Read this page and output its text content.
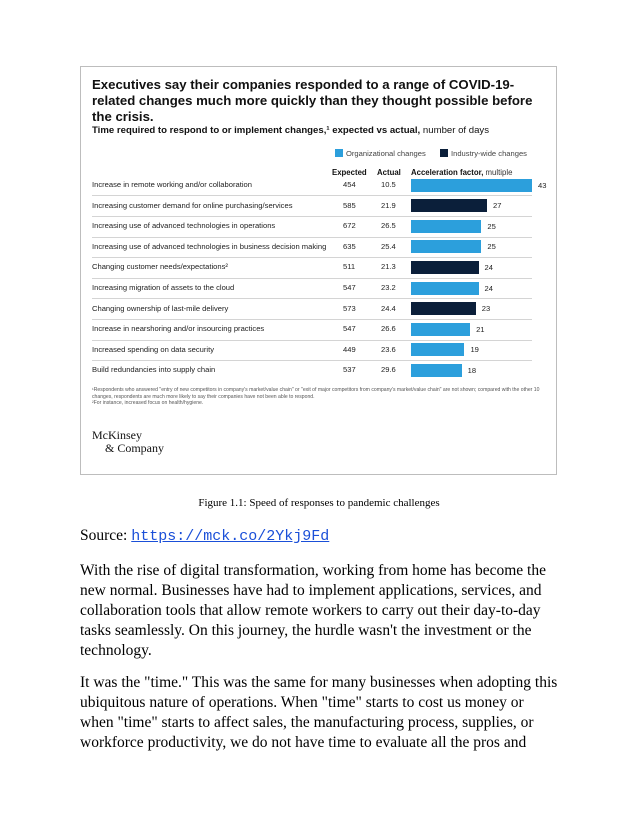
Executives say their companies responded to a range of COVID-19-related changes much more quickly than they thought possible before the crisis.
Time required to respond to or implement changes,¹ expected vs actual, number of days
Organizational changes	Industry-wide changes
Expected Actual Acceleration factor, multiple
Increase in remote working and/or collaboration	454	10.5	43
Increasing customer demand for online purchasing/services	585	21.9	27
Increasing use of advanced technologies in operations	672	26.5	25
Increasing use of advanced technologies in business decision making 635	25.4	25
Changing customer needs/expectations²	511	21.3	24
Increasing migration of assets to the cloud	547	23.2	24
Changing ownership of last-mile delivery	573	24.4	23
Increase in nearshoring and/or insourcing practices	547	26.6	21
Increased spending on data security	449	23.6	19
Build redundancies into supply chain	537	29.6	18
¹Respondents who answered "entry of new competitors in company's market/value chain" or "exit of major competitors from company's market/value chain" are not shown; compared with the other 10 changes, respondents are much more likely to say their companies have not been able to respond.
²For instance, increased focus on health/hygiene.
McKinsey
& Company
Figure 1.1: Speed of responses to pandemic challenges
Source: https://mck.co/2Ykj9Fd

With the rise of digital transformation, working from home has become the new normal. Businesses have had to implement applications, services, and collaboration tools that allow remote workers to carry out their day-to-day tasks seamlessly. On this journey, the hurdle wasn't the investment or the technology.

It was the "time." This was the same for many businesses when adopting this ubiquitous nature of operations. When "time" starts to cost us money or when "time" starts to affect sales, the manufacturing process, supplies, or workforce productivity, we do not have time to evaluate all the pros and
